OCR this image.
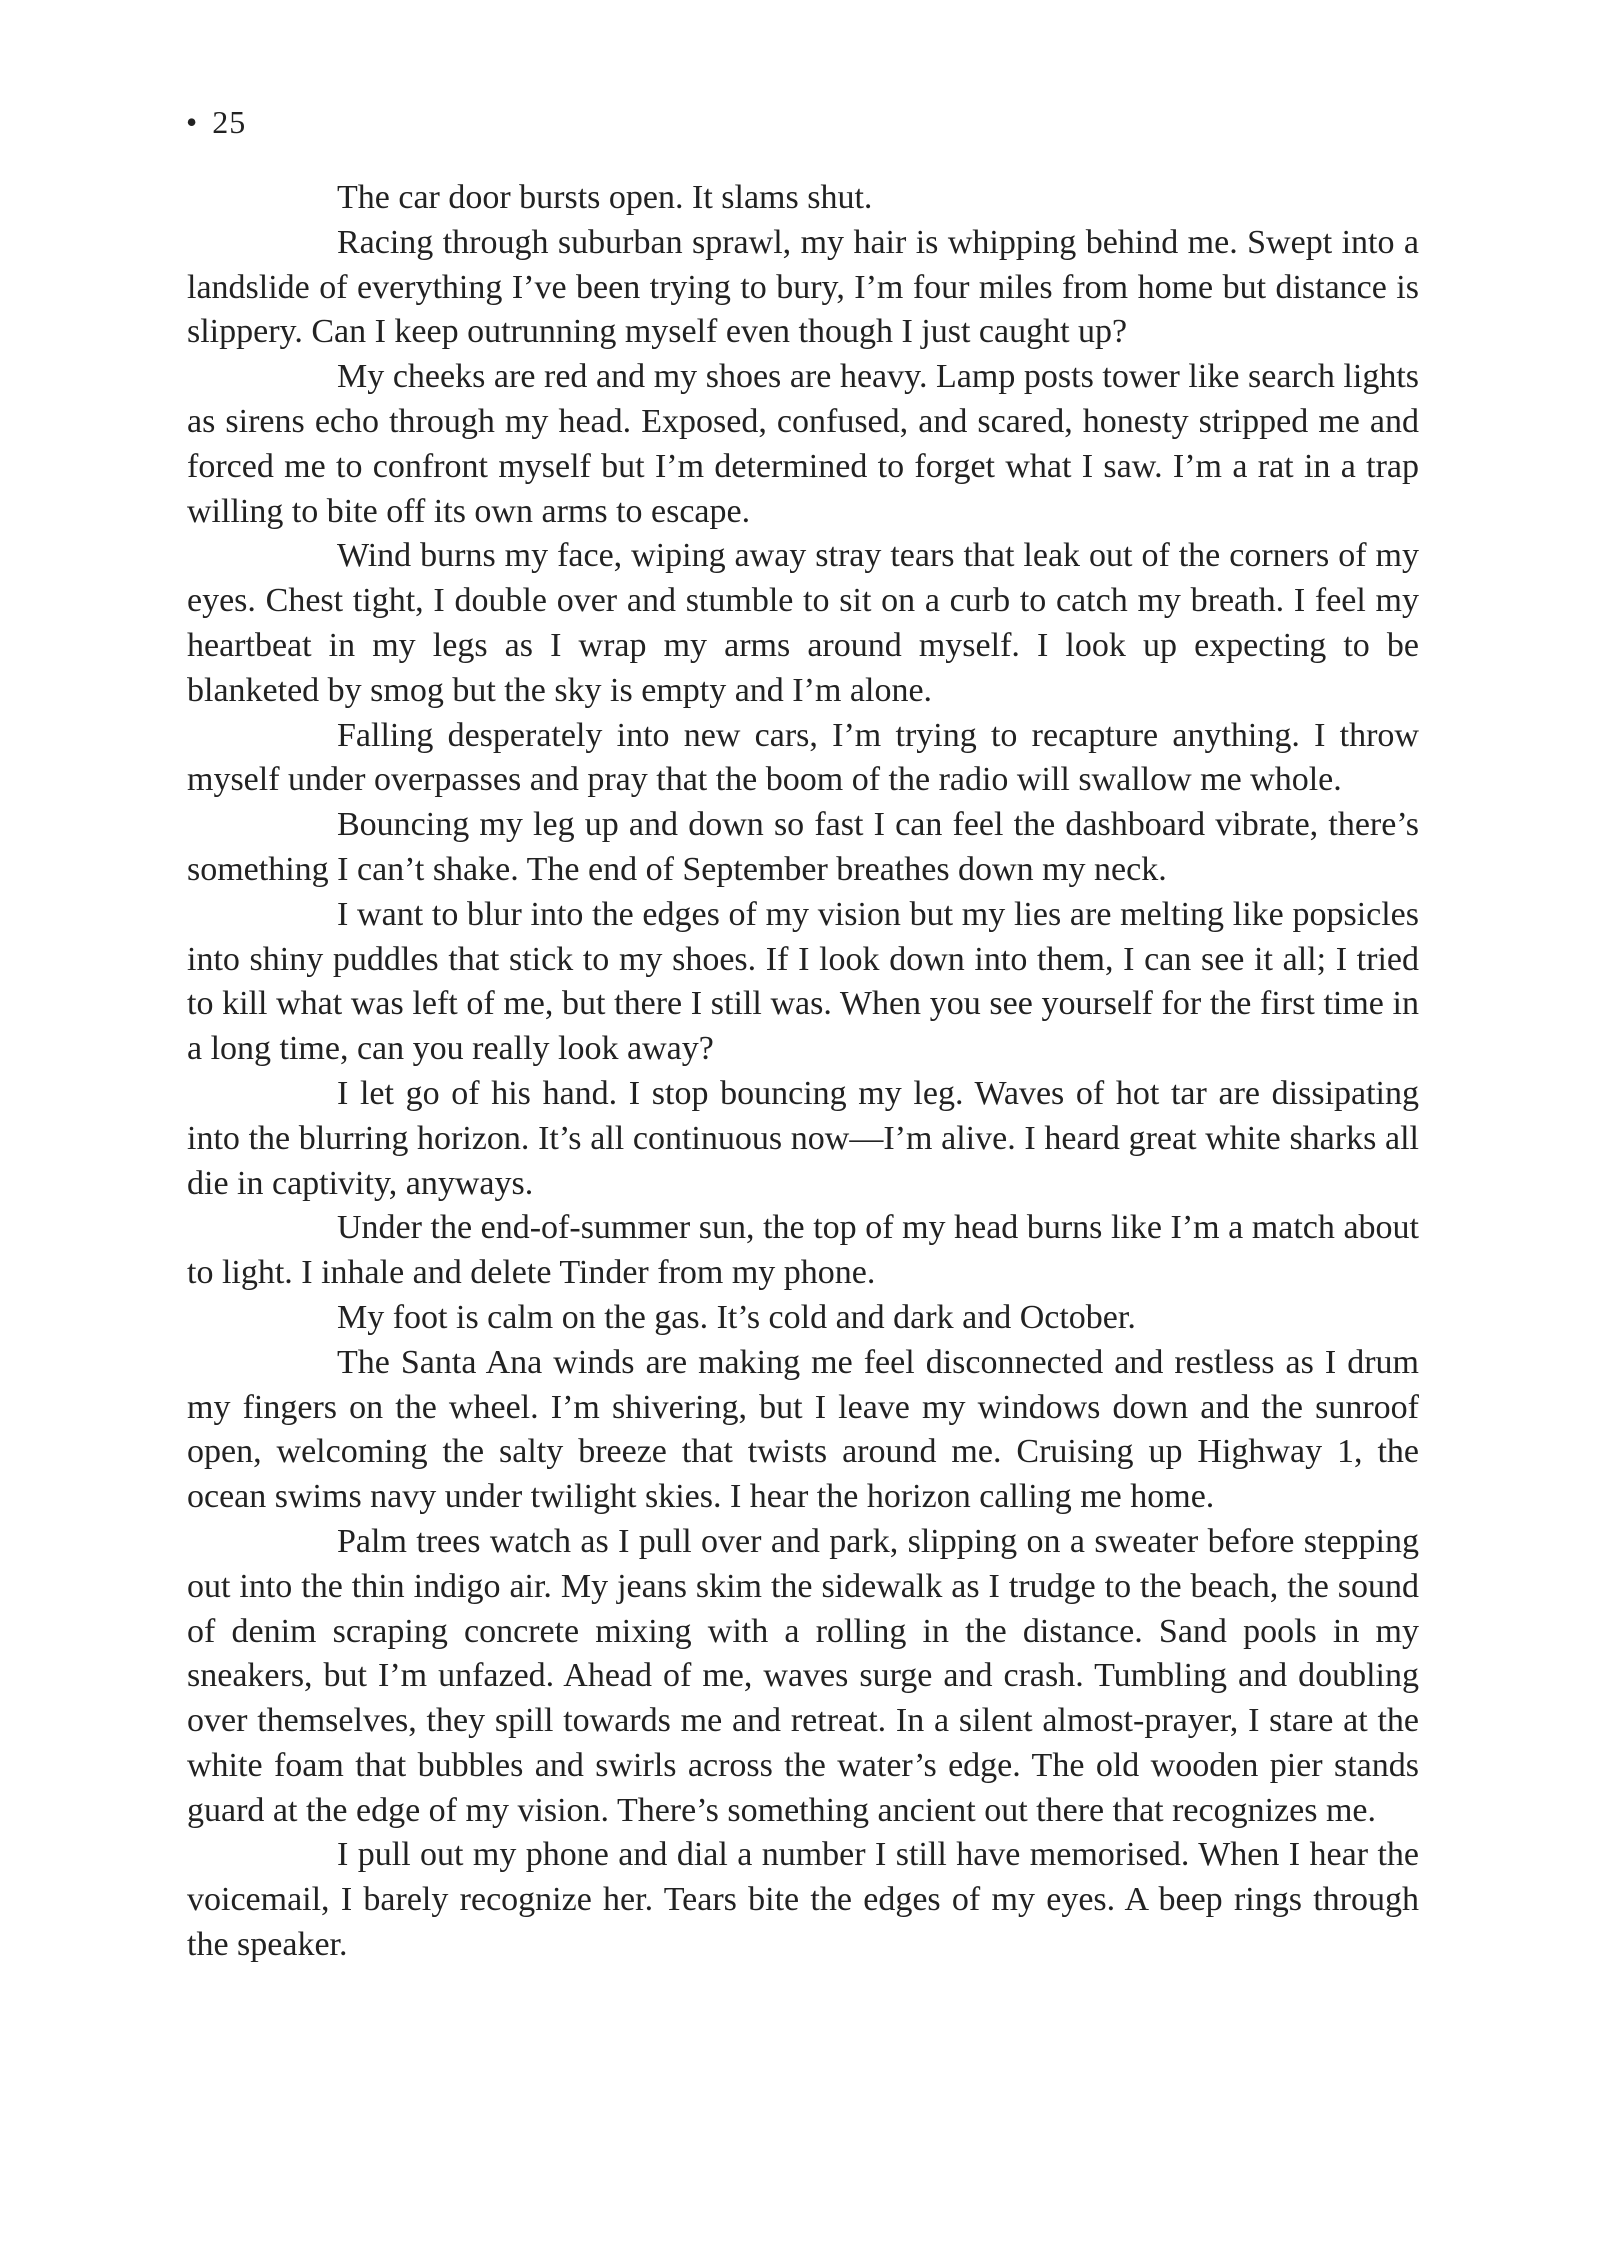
• 25

The car door bursts open. It slams shut.

Racing through suburban sprawl, my hair is whipping behind me. Swept into a landslide of everything I’ve been trying to bury, I’m four miles from home but distance is slippery. Can I keep outrunning myself even though I just caught up?

My cheeks are red and my shoes are heavy. Lamp posts tower like search lights as sirens echo through my head. Exposed, confused, and scared, honesty stripped me and forced me to confront myself but I’m determined to forget what I saw. I’m a rat in a trap willing to bite off its own arms to escape.

Wind burns my face, wiping away stray tears that leak out of the corners of my eyes. Chest tight, I double over and stumble to sit on a curb to catch my breath. I feel my heartbeat in my legs as I wrap my arms around myself. I look up expecting to be blanketed by smog but the sky is empty and I’m alone.

Falling desperately into new cars, I’m trying to recapture anything. I throw myself under overpasses and pray that the boom of the radio will swallow me whole.

Bouncing my leg up and down so fast I can feel the dashboard vibrate, there’s something I can’t shake. The end of September breathes down my neck.

I want to blur into the edges of my vision but my lies are melting like popsicles into shiny puddles that stick to my shoes. If I look down into them, I can see it all; I tried to kill what was left of me, but there I still was. When you see yourself for the first time in a long time, can you really look away?

I let go of his hand. I stop bouncing my leg. Waves of hot tar are dissipating into the blurring horizon. It’s all continuous now—I’m alive. I heard great white sharks all die in captivity, anyways.

Under the end-of-summer sun, the top of my head burns like I’m a match about to light. I inhale and delete Tinder from my phone.

My foot is calm on the gas. It’s cold and dark and October.

The Santa Ana winds are making me feel disconnected and restless as I drum my fingers on the wheel. I’m shivering, but I leave my windows down and the sunroof open, welcoming the salty breeze that twists around me. Cruising up Highway 1, the ocean swims navy under twilight skies. I hear the horizon calling me home.

Palm trees watch as I pull over and park, slipping on a sweater before stepping out into the thin indigo air. My jeans skim the sidewalk as I trudge to the beach, the sound of denim scraping concrete mixing with a rolling in the distance. Sand pools in my sneakers, but I’m unfazed. Ahead of me, waves surge and crash. Tumbling and doubling over themselves, they spill towards me and retreat. In a silent almost-prayer, I stare at the white foam that bubbles and swirls across the water’s edge. The old wooden pier stands guard at the edge of my vision. There’s something ancient out there that recognizes me.

I pull out my phone and dial a number I still have memorised. When I hear the voicemail, I barely recognize her. Tears bite the edges of my eyes. A beep rings through the speaker.
